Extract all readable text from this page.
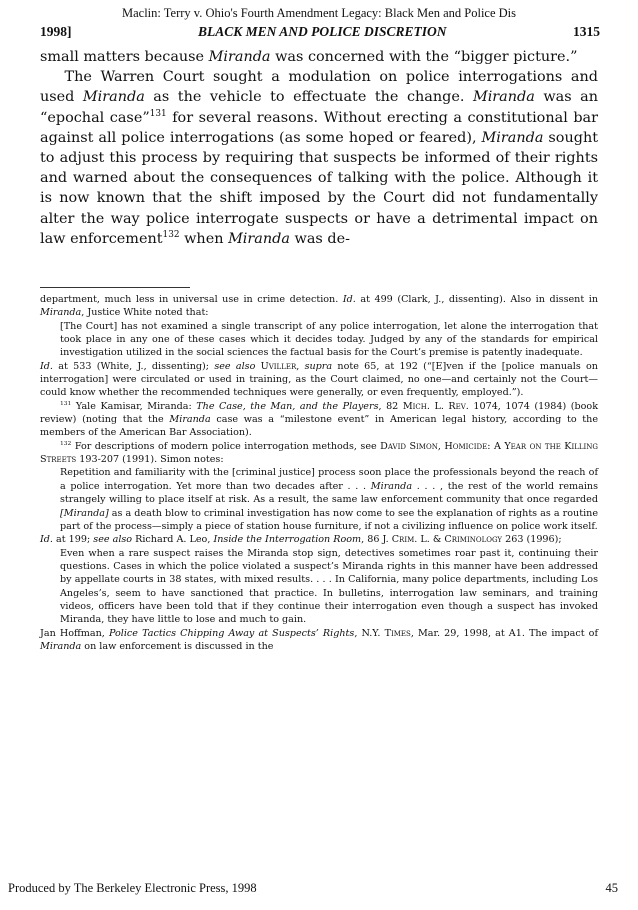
Maclin: Terry v. Ohio's Fourth Amendment Legacy: Black Men and Police Dis
1998]	BLACK MEN AND POLICE DISCRETION	1315

small matters because Miranda was concerned with the “bigger picture.”

The Warren Court sought a modulation on police interrogations and used Miranda as the vehicle to effectuate the change. Miranda was an “epochal case”$^{131}$ for several reasons. Without erecting a constitutional bar against all police interrogations (as some hoped or feared), Miranda sought to adjust this process by requiring that suspects be informed of their rights and warned about the consequences of talking with the police. Although it is now known that the shift imposed by the Court did not fundamentally alter the way police interrogate suspects or have a detrimental impact on law enforcement$^{132}$ when Miranda was de-

department, much less in universal use in crime detection. Id. at 499 (Clark, J., dissenting). Also in dissent in Miranda, Justice White noted that:

[The Court] has not examined a single transcript of any police interrogation, let alone the interrogation that took place in any one of these cases which it decides today. Judged by any of the standards for empirical investigation utilized in the social sciences the factual basis for the Court’s premise is patently inadequate.

Id. at 533 (White, J., dissenting); see also Uviller, supra note 65, at 192 (“[E]ven if the [police manuals on interrogation] were circulated or used in training, as the Court claimed, no one—and certainly not the Court—could know whether the recommended techniques were generally, or even frequently, employed.”).

$^{131}$ Yale Kamisar, Miranda: The Case, the Man, and the Players, 82 Mich. L. Rev. 1074, 1074 (1984) (book review) (noting that the Miranda case was a “milestone event” in American legal history, according to the members of the American Bar Association).

$^{132}$ For descriptions of modern police interrogation methods, see David Simon, Homicide: A Year on the Killing Streets 193-207 (1991). Simon notes:

Repetition and familiarity with the [criminal justice] process soon place the professionals beyond the reach of a police interrogation. Yet more than two decades after . . . Miranda . . . , the rest of the world remains strangely willing to place itself at risk. As a result, the same law enforcement community that once regarded [Miranda] as a death blow to criminal investigation has now come to see the explanation of rights as a routine part of the process—simply a piece of station house furniture, if not a civilizing influence on police work itself.

Id. at 199; see also Richard A. Leo, Inside the Interrogation Room, 86 J. Crim. L. & Criminology 263 (1996);

Even when a rare suspect raises the Miranda stop sign, detectives sometimes roar past it, continuing their questions. Cases in which the police violated a suspect’s Miranda rights in this manner have been addressed by appellate courts in 38 states, with mixed results. . . . In California, many police departments, including Los Angeles’s, seem to have sanctioned that practice. In bulletins, interrogation law seminars, and training videos, officers have been told that if they continue their interrogation even though a suspect has invoked Miranda, they have little to lose and much to gain.

Jan Hoffman, Police Tactics Chipping Away at Suspects’ Rights, N.Y. Times, Mar. 29, 1998, at A1. The impact of Miranda on law enforcement is discussed in the

Produced by The Berkeley Electronic Press, 1998	45
